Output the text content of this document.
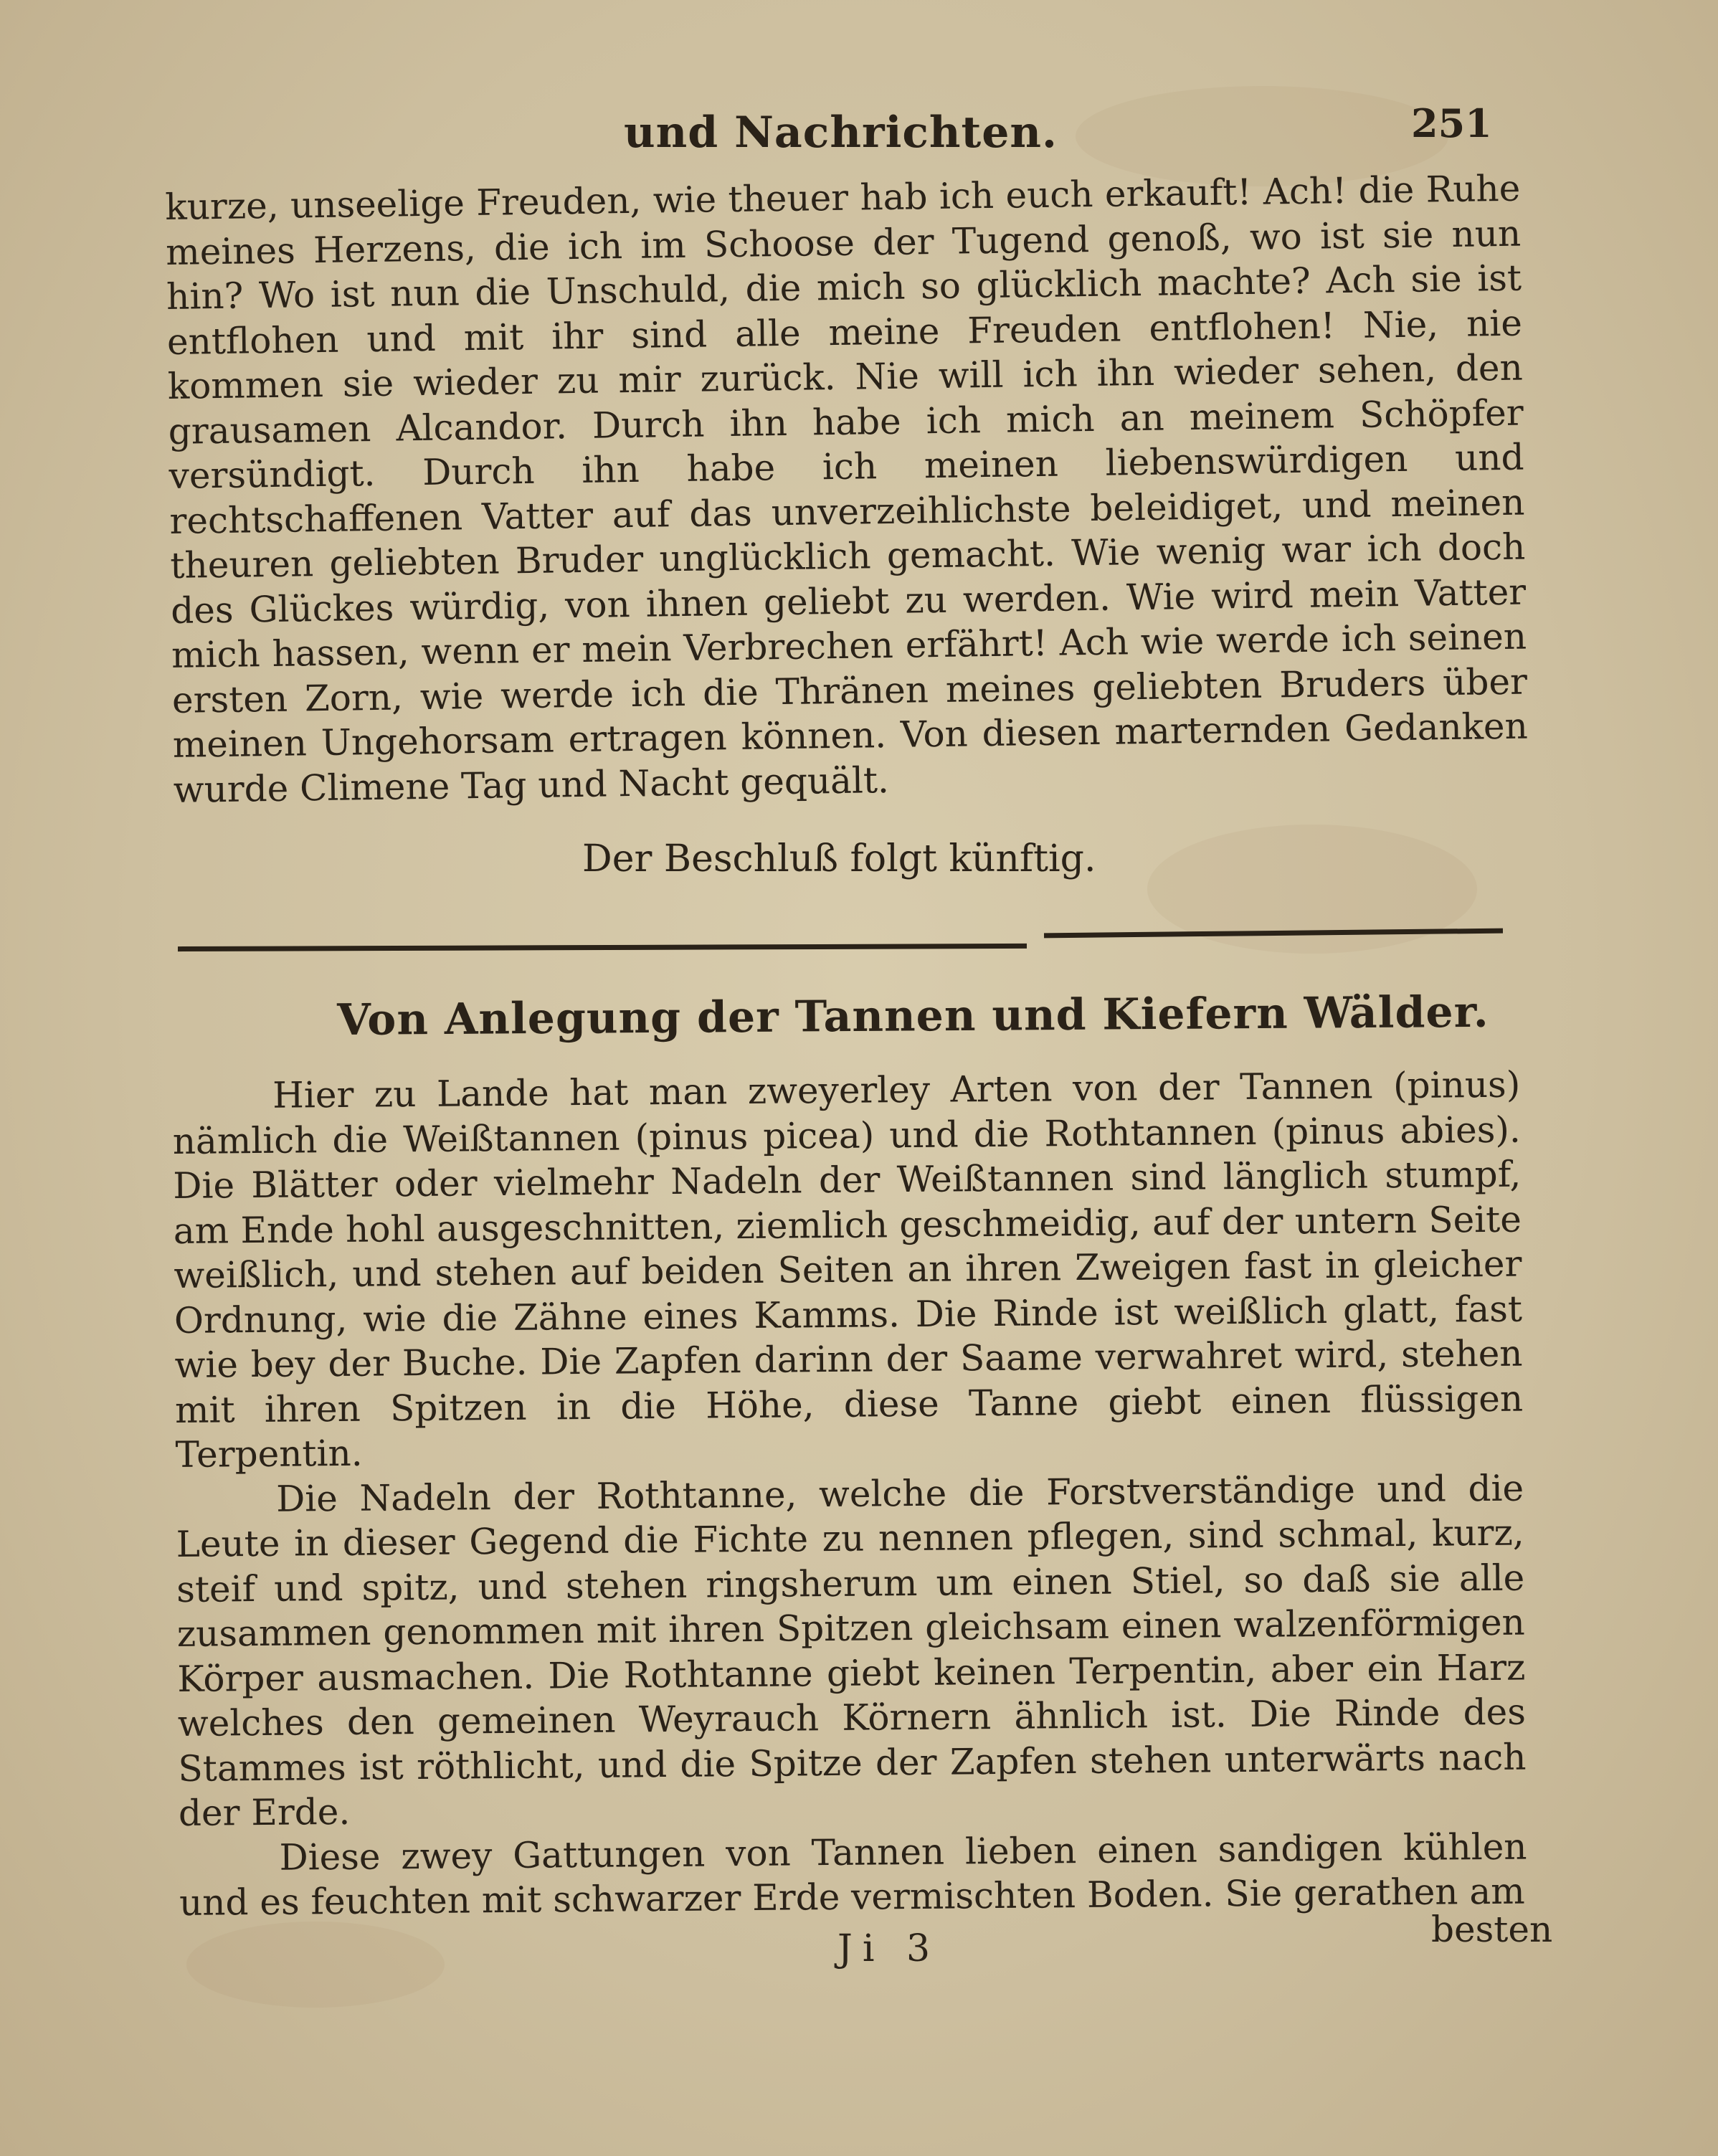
und Nachrichten.	251
kurze, unseelige Freuden, wie theuer hab ich euch erkauft! Ach! die Ruhe meines Herzens, die ich im Schoose der Tugend genoß, wo ist sie nun hin? Wo ist nun die Unschuld, die mich so glücklich machte? Ach sie ist entflohen und mit ihr sind alle meine Freuden entflohen! Nie, nie kommen sie wieder zu mir zurück. Nie will ich ihn wieder sehen, den grausamen Alcandor. Durch ihn habe ich mich an meinem Schöpfer versündigt. Durch ihn habe ich meinen liebenswürdigen und rechtschaffenen Vatter auf das unverzeihlichste beleidiget, und meinen theuren geliebten Bruder unglücklich gemacht. Wie wenig war ich doch des Glückes würdig, von ihnen geliebt zu werden. Wie wird mein Vatter mich hassen, wenn er mein Verbrechen erfährt! Ach wie werde ich seinen ersten Zorn, wie werde ich die Thränen meines geliebten Bruders über meinen Ungehorsam ertragen können. Von diesen marternden Gedanken wurde Climene Tag und Nacht gequält.
Der Beschluß folgt künftig.
Von Anlegung der Tannen und Kiefern Wälder.

Hier zu Lande hat man zweyerley Arten von der Tannen (pinus) nämlich die Weißtannen (pinus picea) und die Rothtannen (pinus abies). Die Blätter oder vielmehr Nadeln der Weißtannen sind länglich stumpf, am Ende hohl ausgeschnitten, ziemlich geschmeidig, auf der untern Seite weißlich, und stehen auf beiden Seiten an ihren Zweigen fast in gleicher Ordnung, wie die Zähne eines Kamms. Die Rinde ist weißlich glatt, fast wie bey der Buche. Die Zapfen darinn der Saame verwahret wird, stehen mit ihren Spitzen in die Höhe, diese Tanne giebt einen flüssigen Terpentin.

Die Nadeln der Rothtanne, welche die Forstverständige und die Leute in dieser Gegend die Fichte zu nennen pflegen, sind schmal, kurz, steif und spitz, und stehen ringsherum um einen Stiel, so daß sie alle zusammen genommen mit ihren Spitzen gleichsam einen walzenförmigen Körper ausmachen. Die Rothtanne giebt keinen Terpentin, aber ein Harz welches den gemeinen Weyrauch Körnern ähnlich ist. Die Rinde des Stammes ist röthlicht, und die Spitze der Zapfen stehen unterwärts nach der Erde.

Diese zwey Gattungen von Tannen lieben einen sandigen kühlen und es feuchten mit schwarzer Erde vermischten Boden. Sie gerathen am

Ji 3	besten
